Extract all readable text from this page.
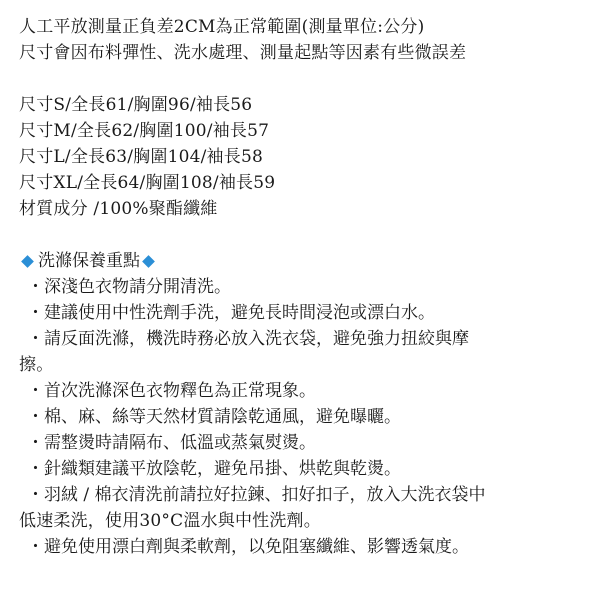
人工平放測量正負差2CM為正常範圍(測量單位:公分)
尺寸會因布料彈性、洗水處理、測量起點等因素有些微誤差
尺寸S/全長61/胸圍96/袖長56
尺寸M/全長62/胸圍100/袖長57
尺寸L/全長63/胸圍104/袖長58
尺寸XL/全長64/胸圍108/袖長59
材質成分 /100%聚酯纖維
洗滌保養重點
・深淺色衣物請分開清洗。
・建議使用中性洗劑手洗，避免長時間浸泡或漂白水。
・請反面洗滌，機洗時務必放入洗衣袋，避免強力扭絞與摩
擦。
・首次洗滌深色衣物釋色為正常現象。
・棉、麻、絲等天然材質請陰乾通風，避免曝曬。
・需整燙時請隔布、低溫或蒸氣熨燙。
・針織類建議平放陰乾，避免吊掛、烘乾與乾燙。
・羽絨 / 棉衣清洗前請拉好拉鍊、扣好扣子，放入大洗衣袋中
低速柔洗，使用30°C溫水與中性洗劑。
・避免使用漂白劑與柔軟劑，以免阻塞纖維、影響透氣度。
